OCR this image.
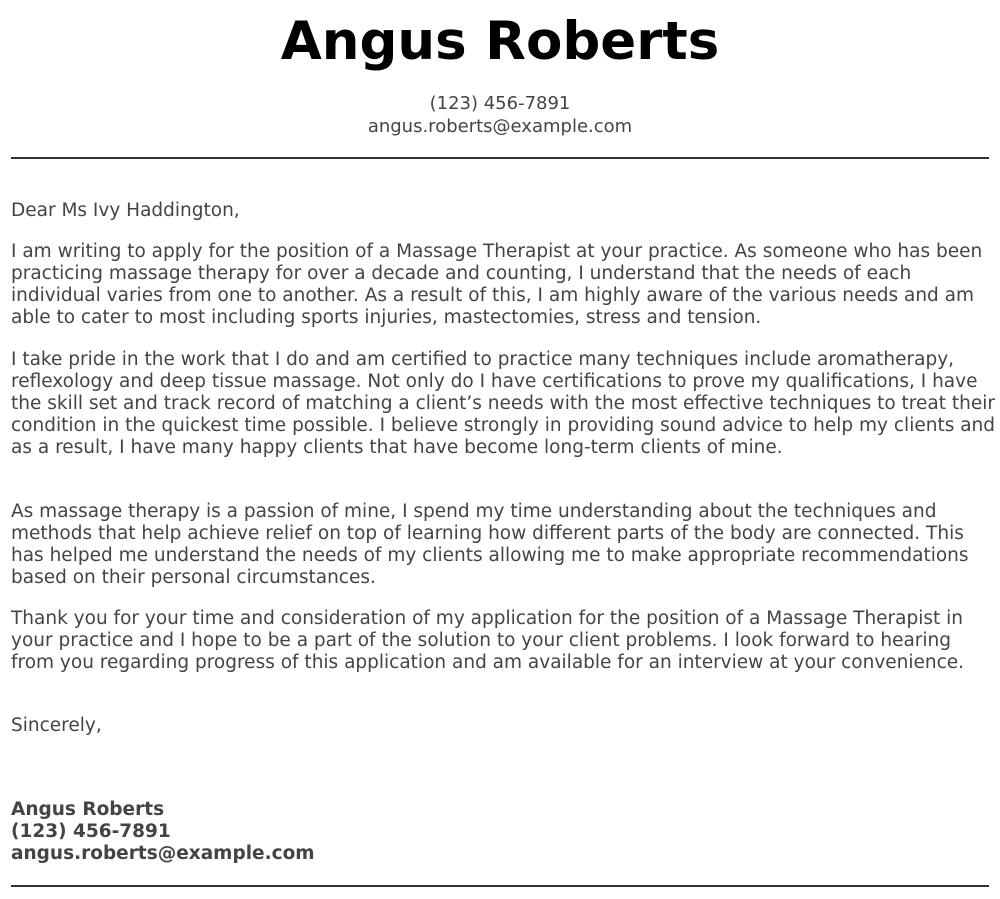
Angus Roberts
(123) 456-7891
angus.roberts@example.com

Dear Ms Ivy Haddington,

I am writing to apply for the position of a Massage Therapist at your practice. As someone who has been practicing massage therapy for over a decade and counting, I understand that the needs of each individual varies from one to another. As a result of this, I am highly aware of the various needs and am able to cater to most including sports injuries, mastectomies, stress and tension.

I take pride in the work that I do and am certified to practice many techniques include aromatherapy, reflexology and deep tissue massage. Not only do I have certifications to prove my qualifications, I have the skill set and track record of matching a client’s needs with the most effective techniques to treat their condition in the quickest time possible. I believe strongly in providing sound advice to help my clients and as a result, I have many happy clients that have become long-term clients of mine.

As massage therapy is a passion of mine, I spend my time understanding about the techniques and methods that help achieve relief on top of learning how different parts of the body are connected. This has helped me understand the needs of my clients allowing me to make appropriate recommendations based on their personal circumstances.

Thank you for your time and consideration of my application for the position of a Massage Therapist in your practice and I hope to be a part of the solution to your client problems. I look forward to hearing from you regarding progress of this application and am available for an interview at your convenience.

Sincerely,

Angus Roberts
(123) 456-7891
angus.roberts@example.com
